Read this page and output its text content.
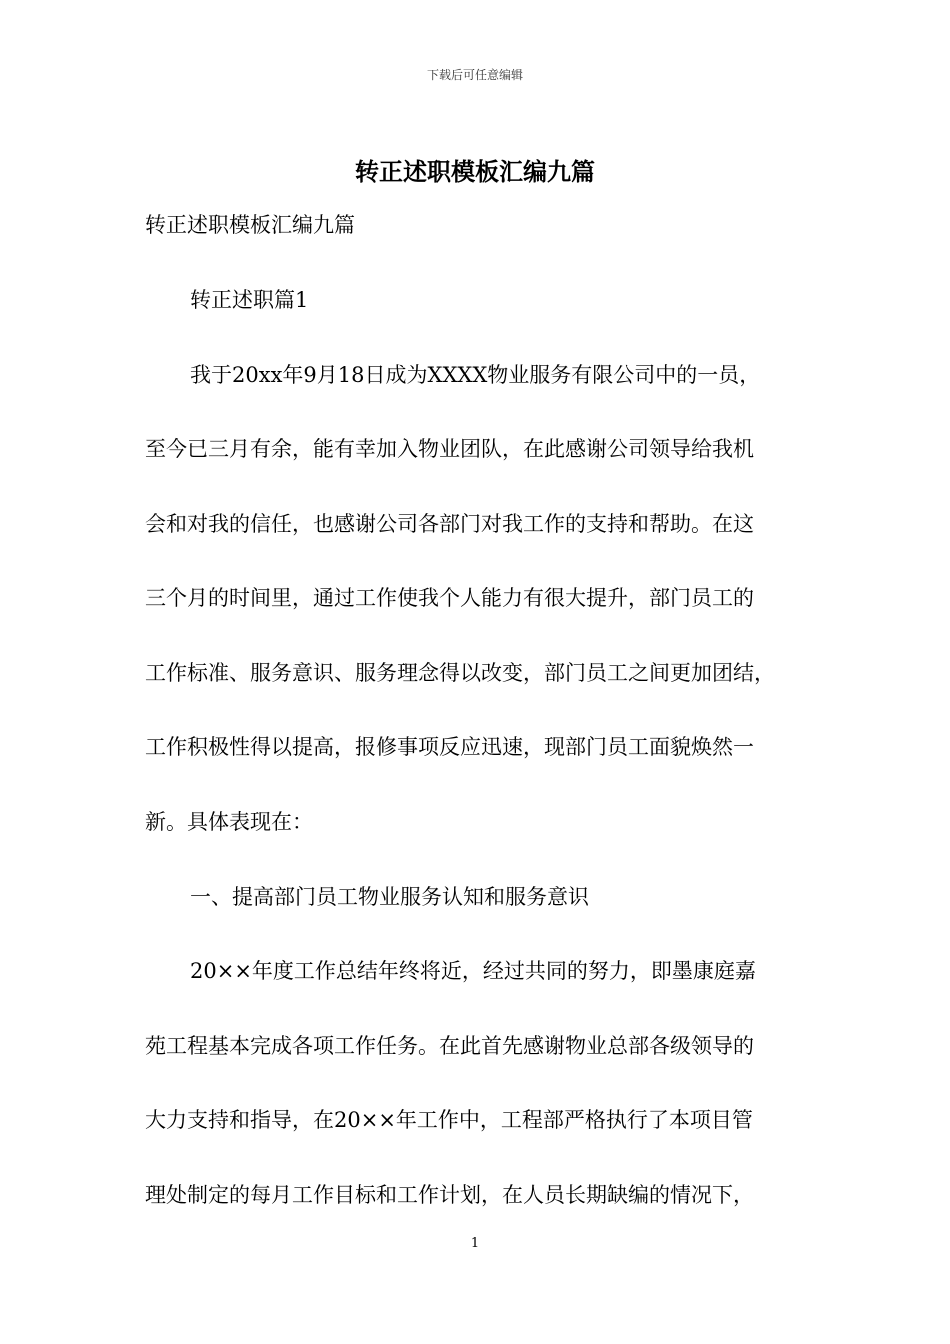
下载后可任意编辑
转正述职模板汇编九篇
转正述职模板汇编九篇
转正述职篇1
我于20xx年9月18日成为XXXX物业服务有限公司中的一员，
至今已三月有余，能有幸加入物业团队，在此感谢公司领导给我机
会和对我的信任，也感谢公司各部门对我工作的支持和帮助。在这
三个月的时间里，通过工作使我个人能力有很大提升，部门员工的
工作标准、服务意识、服务理念得以改变，部门员工之间更加团结，
工作积极性得以提高，报修事项反应迅速，现部门员工面貌焕然一
新。具体表现在：
一、提高部门员工物业服务认知和服务意识
20××年度工作总结年终将近，经过共同的努力，即墨康庭嘉
苑工程基本完成各项工作任务。在此首先感谢物业总部各级领导的
大力支持和指导，在20××年工作中，工程部严格执行了本项目管
理处制定的每月工作目标和工作计划，在人员长期缺编的情况下，
1
